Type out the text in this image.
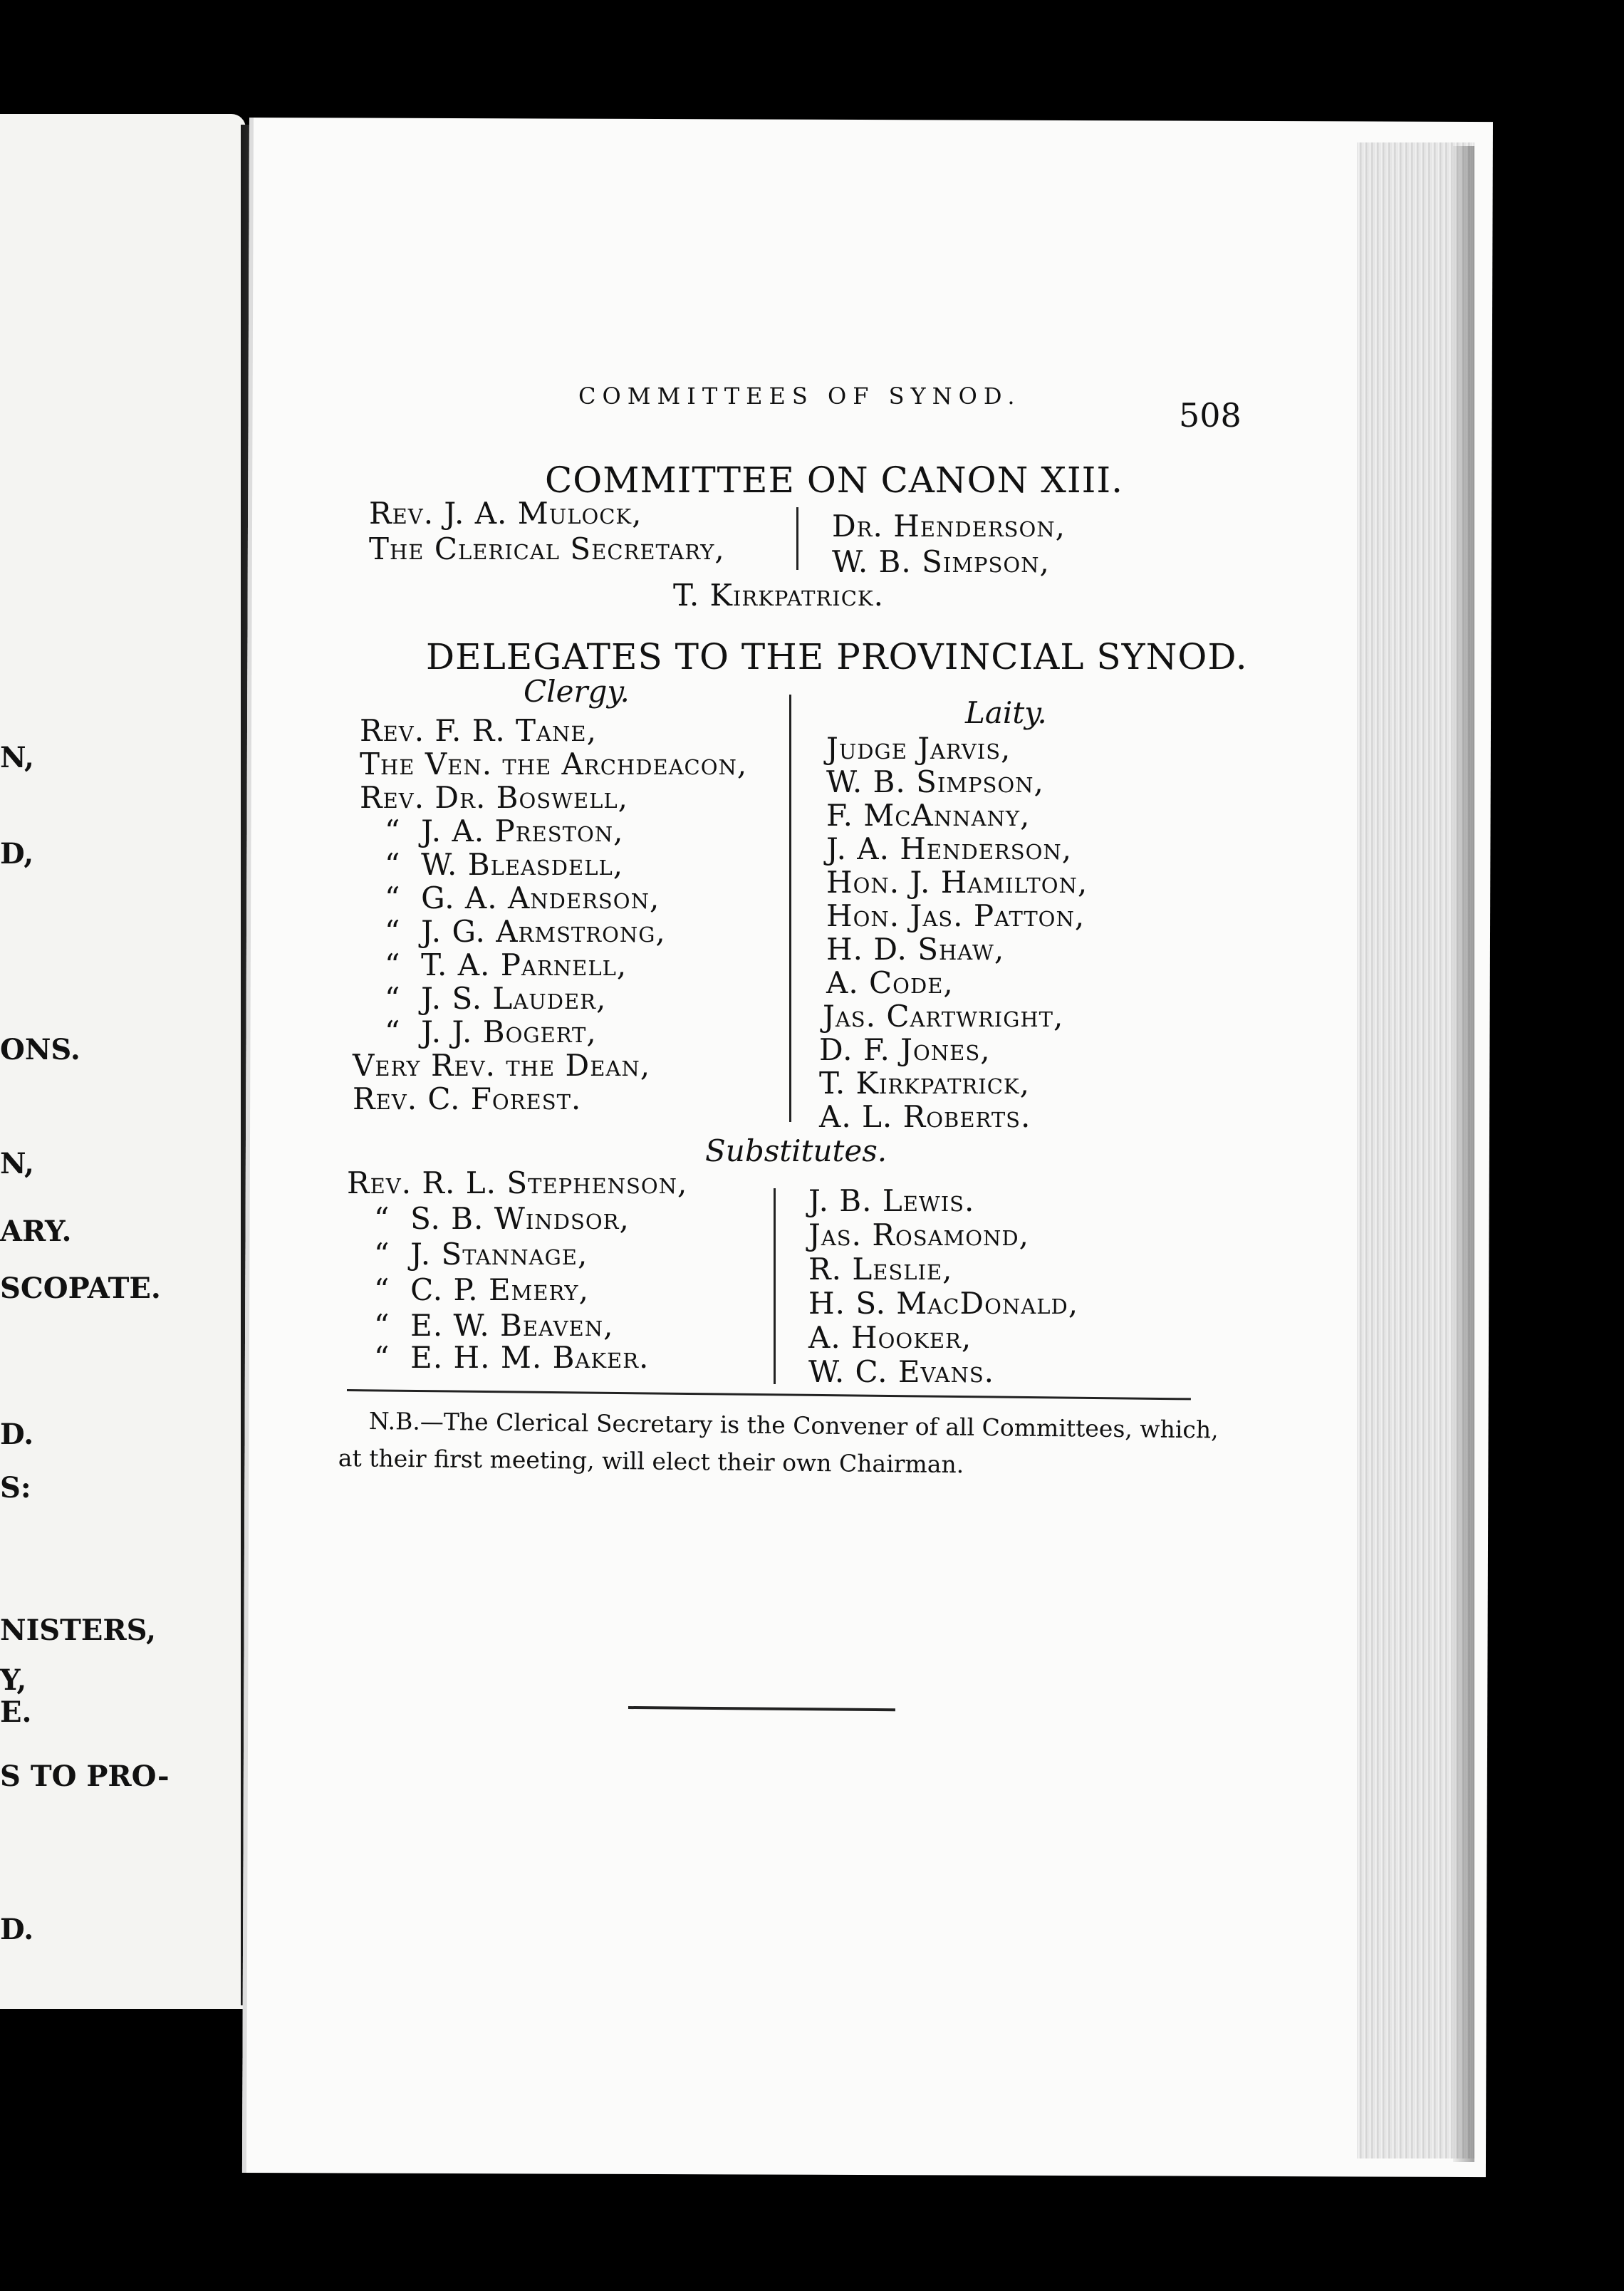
N,
D,
ONS.
N,
ARY.
SCOPATE.
D.
S:
NISTERS,
Y,
E.
S TO PRO-
D.
COMMITTEES OF SYNOD.	508
COMMITTEE ON CANON XIII.
Rev. J. A. Mulock,
The Clerical Secretary,
Dr. Henderson,
W. B. Simpson,
T. Kirkpatrick.
DELEGATES TO THE PROVINCIAL SYNOD.
Clergy.
Laity.
Rev. F. R. Tane,
The Ven. the Archdeacon,
Rev. Dr. Boswell,
“  J. A. Preston,
“  W. Bleasdell,
“  G. A. Anderson,
“  J. G. Armstrong,
“  T. A. Parnell,
“  J. S. Lauder,
“  J. J. Bogert,
Very Rev. the Dean,
Rev. C. Forest.
Judge Jarvis,
W. B. Simpson,
F. McAnnany,
J. A. Henderson,
Hon. J. Hamilton,
Hon. Jas. Patton,
H. D. Shaw,
A. Code,
Jas. Cartwright,
D. F. Jones,
T. Kirkpatrick,
A. L. Roberts.
Substitutes.
Rev. R. L. Stephenson,
“  S. B. Windsor,
“  J. Stannage,
“  C. P. Emery,
“  E. W. Beaven,
“  E. H. M. Baker.
J. B. Lewis.
Jas. Rosamond,
R. Leslie,
H. S. MacDonald,
A. Hooker,
W. C. Evans.
N.B.—The Clerical Secretary is the Convener of all Committees, which,
at their first meeting, will elect their own Chairman.
